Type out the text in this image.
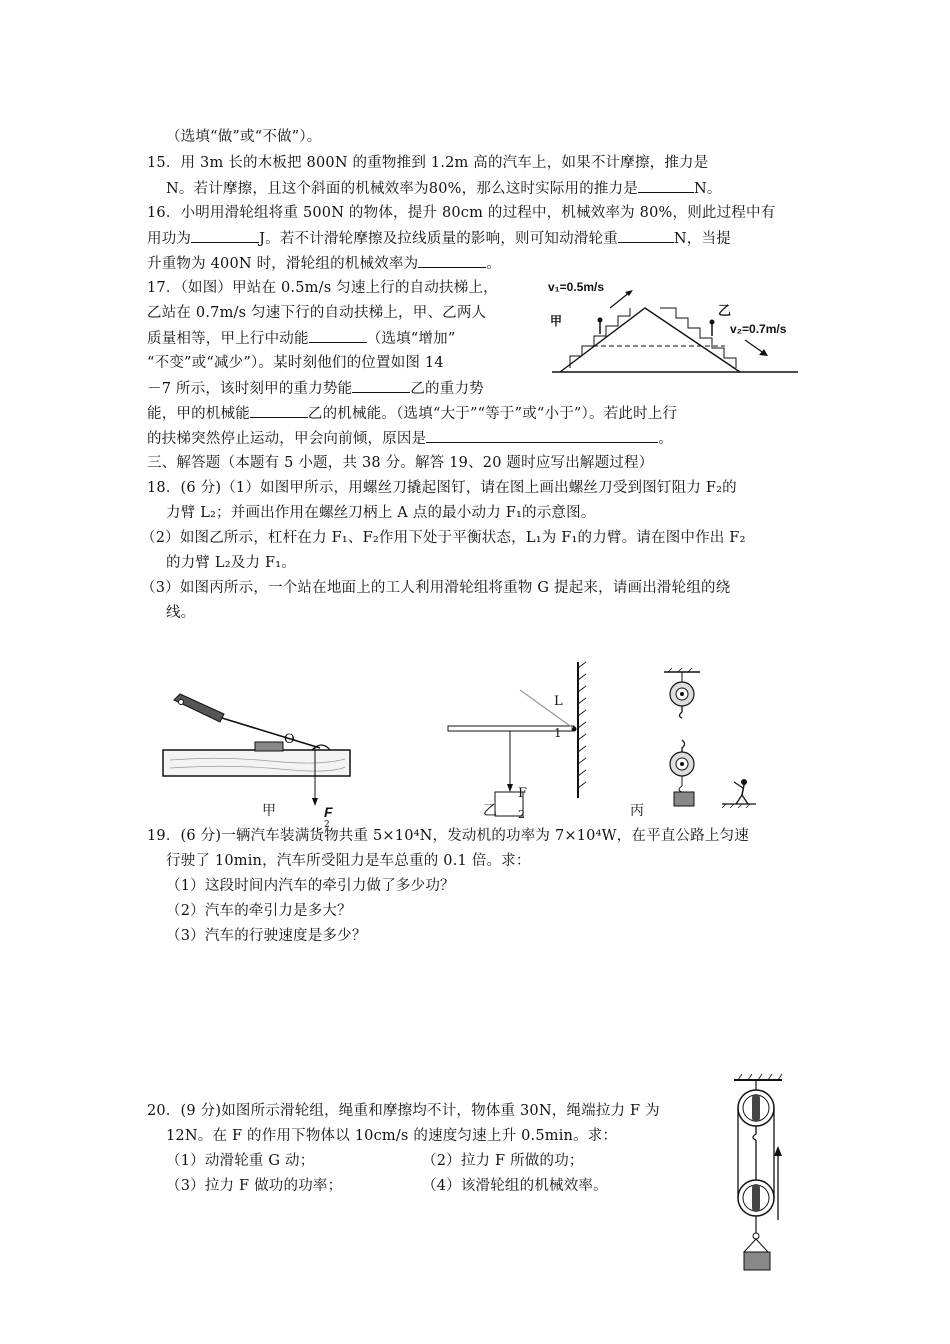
（选填“做”或“不做”）。
15．用 3m 长的木板把 800N 的重物推到 1.2m 高的汽车上，如果不计摩擦，推力是
N。若计摩擦，且这个斜面的机械效率为80%，那么这时实际用的推力是	N。
16．小明用滑轮组将重 500N 的物体，提升 80cm 的过程中，机械效率为 80%，则此过程中有
用功为	J。若不计滑轮摩擦及拉线质量的影响，则可知动滑轮重	N，当提
升重物为 400N 时，滑轮组的机械效率为	。
17．（如图）甲站在 0.5m/s 匀速上行的自动扶梯上，
乙站在 0.7m/s 匀速下行的自动扶梯上，甲、乙两人
质量相等，甲上行中动能	（选填“增加”
“不变”或“减少”）。某时刻他们的位置如图 14
－7 所示，该时刻甲的重力势能	乙的重力势
能，甲的机械能	乙的机械能。（选填“大于”“等于”或“小于”）。若此时上行
的扶梯突然停止运动，甲会向前倾，原因是	。
三、解答题（本题有 5 小题，共 38 分。解答 19、20 题时应写出解题过程）
18．(6 分)（1）如图甲所示，用螺丝刀撬起图钉，请在图上画出螺丝刀受到图钉阻力 F₂的
力臂 L₂；并画出作用在螺丝刀柄上 A 点的最小动力 F₁的示意图。
（2）如图乙所示，杠杆在力 F₁、F₂作用下处于平衡状态，L₁为 F₁的力臂。请在图中作出 F₂
的力臂 L₂及力 F₁。
（3）如图丙所示，一个站在地面上的工人利用滑轮组将重物 G 提起来，请画出滑轮组的绕
线。
v₁=0.5m/s
甲
乙
v₂=0.7m/s
O
甲	F
2
L
1
F
2
乙	丙
19．(6 分)一辆汽车装满货物共重 5×10⁴N，发动机的功率为 7×10⁴W，在平直公路上匀速
行驶了 10min，汽车所受阻力是车总重的 0.1 倍。求：
（1）这段时间内汽车的牵引力做了多少功？
（2）汽车的牵引力是多大？
（3）汽车的行驶速度是多少？
20．(9 分)如图所示滑轮组，绳重和摩擦均不计，物体重 30N，绳端拉力 F 为
12N。在 F 的作用下物体以 10cm/s 的速度匀速上升 0.5min。求：
（1）动滑轮重 G 动；	（2）拉力 F 所做的功；
（3）拉力 F 做功的功率；	（4）该滑轮组的机械效率。
